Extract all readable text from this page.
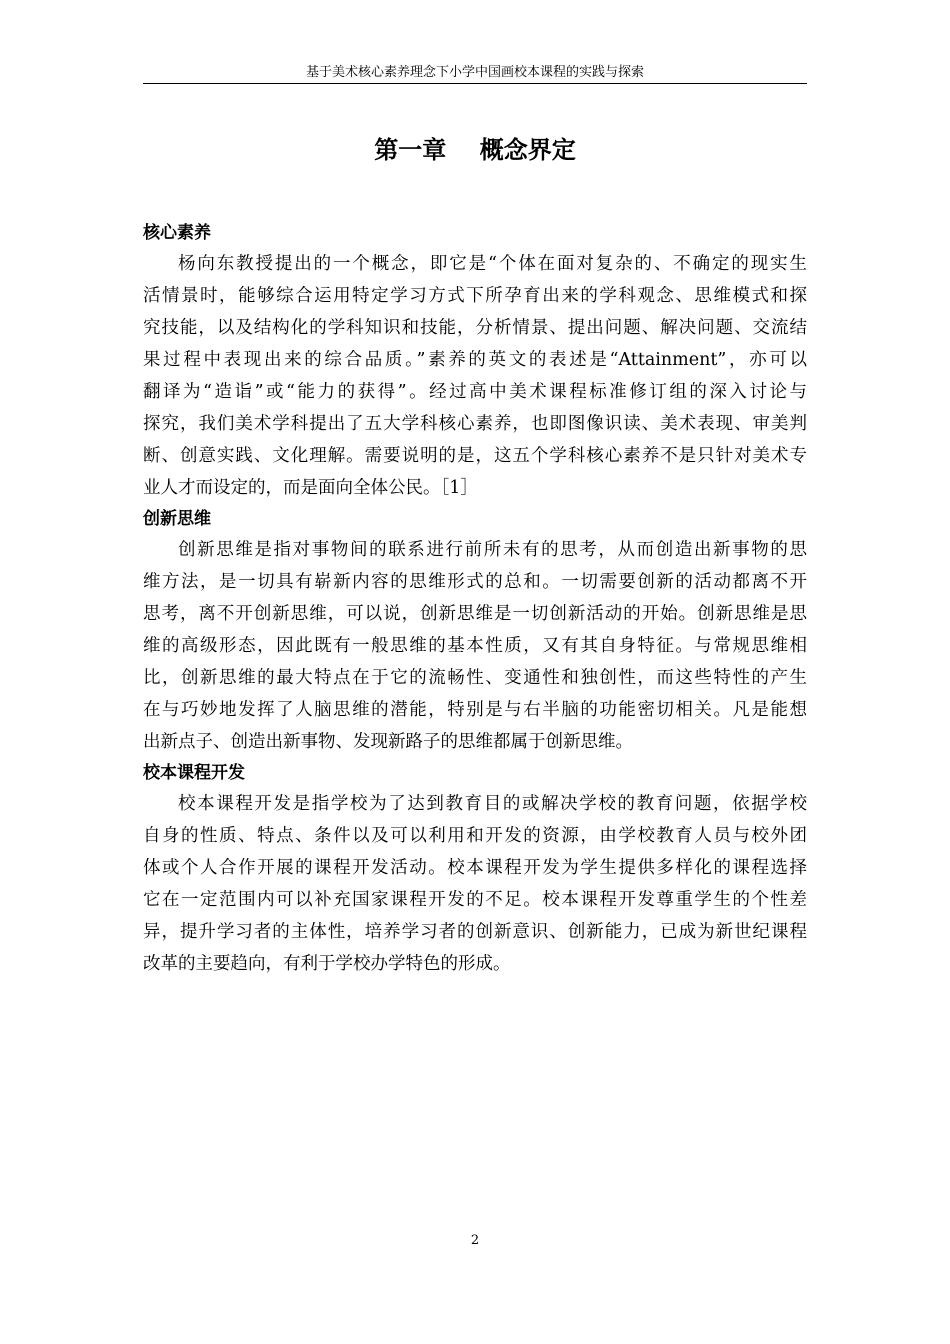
基于美术核心素养理念下小学中国画校本课程的实践与探索
第一章    概念界定
核心素养
杨向东教授提出的一个概念，即它是“个体在面对复杂的、不确定的现实生
活情景时，能够综合运用特定学习方式下所孕育出来的学科观念、思维模式和探
究技能，以及结构化的学科知识和技能，分析情景、提出问题、解决问题、交流结
果过程中表现出来的综合品质。”素养的英文的表述是“Attainment”，亦可以
翻译为“造诣”或“能力的获得”。经过高中美术课程标准修订组的深入讨论与
探究，我们美术学科提出了五大学科核心素养，也即图像识读、美术表现、审美判
断、创意实践、文化理解。需要说明的是，这五个学科核心素养不是只针对美术专
业人才而设定的，而是面向全体公民。［1］
创新思维
创新思维是指对事物间的联系进行前所未有的思考，从而创造出新事物的思
维方法，是一切具有崭新内容的思维形式的总和。一切需要创新的活动都离不开
思考，离不开创新思维，可以说，创新思维是一切创新活动的开始。创新思维是思
维的高级形态，因此既有一般思维的基本性质，又有其自身特征。与常规思维相
比，创新思维的最大特点在于它的流畅性、变通性和独创性，而这些特性的产生
在与巧妙地发挥了人脑思维的潜能，特别是与右半脑的功能密切相关。凡是能想
出新点子、创造出新事物、发现新路子的思维都属于创新思维。
校本课程开发
校本课程开发是指学校为了达到教育目的或解决学校的教育问题，依据学校
自身的性质、特点、条件以及可以利用和开发的资源，由学校教育人员与校外团
体或个人合作开展的课程开发活动。校本课程开发为学生提供多样化的课程选择
它在一定范围内可以补充国家课程开发的不足。校本课程开发尊重学生的个性差
异，提升学习者的主体性，培养学习者的创新意识、创新能力，已成为新世纪课程
改革的主要趋向，有利于学校办学特色的形成。
2
